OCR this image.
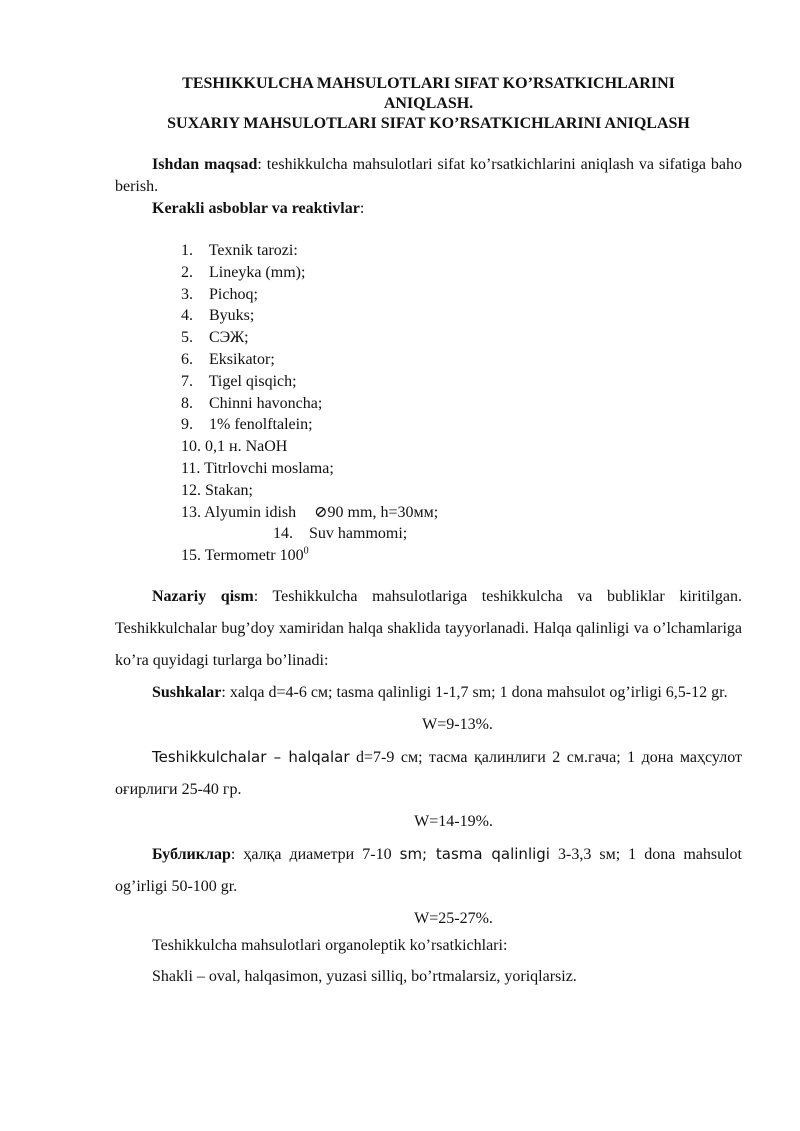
TESHIKKULCHA MAHSULOTLARI SIFAT KO’RSATKICHLARINI

ANIQLASH.

SUXARIY MAHSULOTLARI SIFAT KO’RSATKICHLARINI ANIQLASH

Ishdan maqsad: teshikkulcha mahsulotlari sifat ko’rsatkichlarini aniqlash va sifatiga baho berish.

Kerakli asboblar va reaktivlar:

1. Texnik tarozi:
2. Lineyka (mm);
3. Pichoq;
4. Byuks;
5. СЭЖ;
6. Eksikator;
7. Tigel qisqich;
8. Chinni havoncha;
9. 1% fenolftalein;
10. 0,1 н. NaOH
11. Titrlovchi moslama;
12. Stakan;
13. Alyumin idish ⊘90 mm, h=30мм;
14. Suv hammomi;
15. Termometr $100^0$

Nazariy qism: Teshikkulcha mahsulotlariga teshikkulcha va bubliklar kiritilgan. Teshikkulchalar bug’doy xamiridan halqa shaklida tayyorlanadi. Halqa qalinligi va o’lchamlariga ko’ra quyidagi turlarga bo’linadi:

Sushkalar: xalqa d=4-6 см; tasma qalinligi 1-1,7 sm; 1 dona mahsulot og’irligi 6,5-12 gr.

W=9-13%.

Teshikkulchalar – halqalar d=7-9 см; тасма қалинлиги 2 см.гача; 1 дона маҳсулот оғирлиги 25-40 гр.

W=14-19%.

Бубликлар: ҳалқа диаметри 7-10 sm; tasma qalinligi 3-3,3 sм; 1 dona mahsulot og’irligi 50-100 gr.

W=25-27%.

Teshikkulcha mahsulotlari organoleptik ko’rsatkichlari:

Shakli – oval, halqasimon, yuzasi silliq, bo’rtmalarsiz, yoriqlarsiz.
